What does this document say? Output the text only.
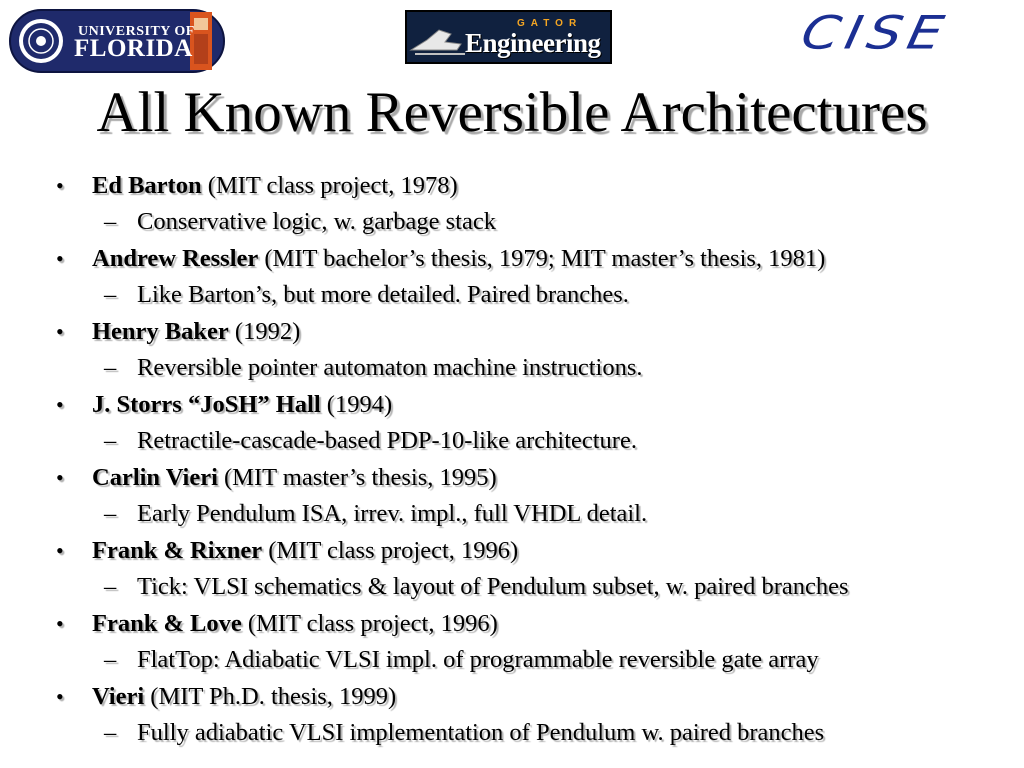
UNIVERSITY OF
FLORIDA
GATOR
Engineering	CISE
All Known Reversible Architectures
• Ed Barton (MIT class project, 1978)
– Conservative logic, w. garbage stack
• Andrew Ressler (MIT bachelor’s thesis, 1979; MIT master’s thesis, 1981)
– Like Barton’s, but more detailed. Paired branches.
• Henry Baker (1992)
– Reversible pointer automaton machine instructions.
• J. Storrs “JoSH” Hall (1994)
– Retractile-cascade-based PDP-10-like architecture.
• Carlin Vieri (MIT master’s thesis, 1995)
– Early Pendulum ISA, irrev. impl., full VHDL detail.
• Frank & Rixner (MIT class project, 1996)
– Tick: VLSI schematics & layout of Pendulum subset, w. paired branches
• Frank & Love (MIT class project, 1996)
– FlatTop: Adiabatic VLSI impl. of programmable reversible gate array
• Vieri (MIT Ph.D. thesis, 1999)
– Fully adiabatic VLSI implementation of Pendulum w. paired branches
